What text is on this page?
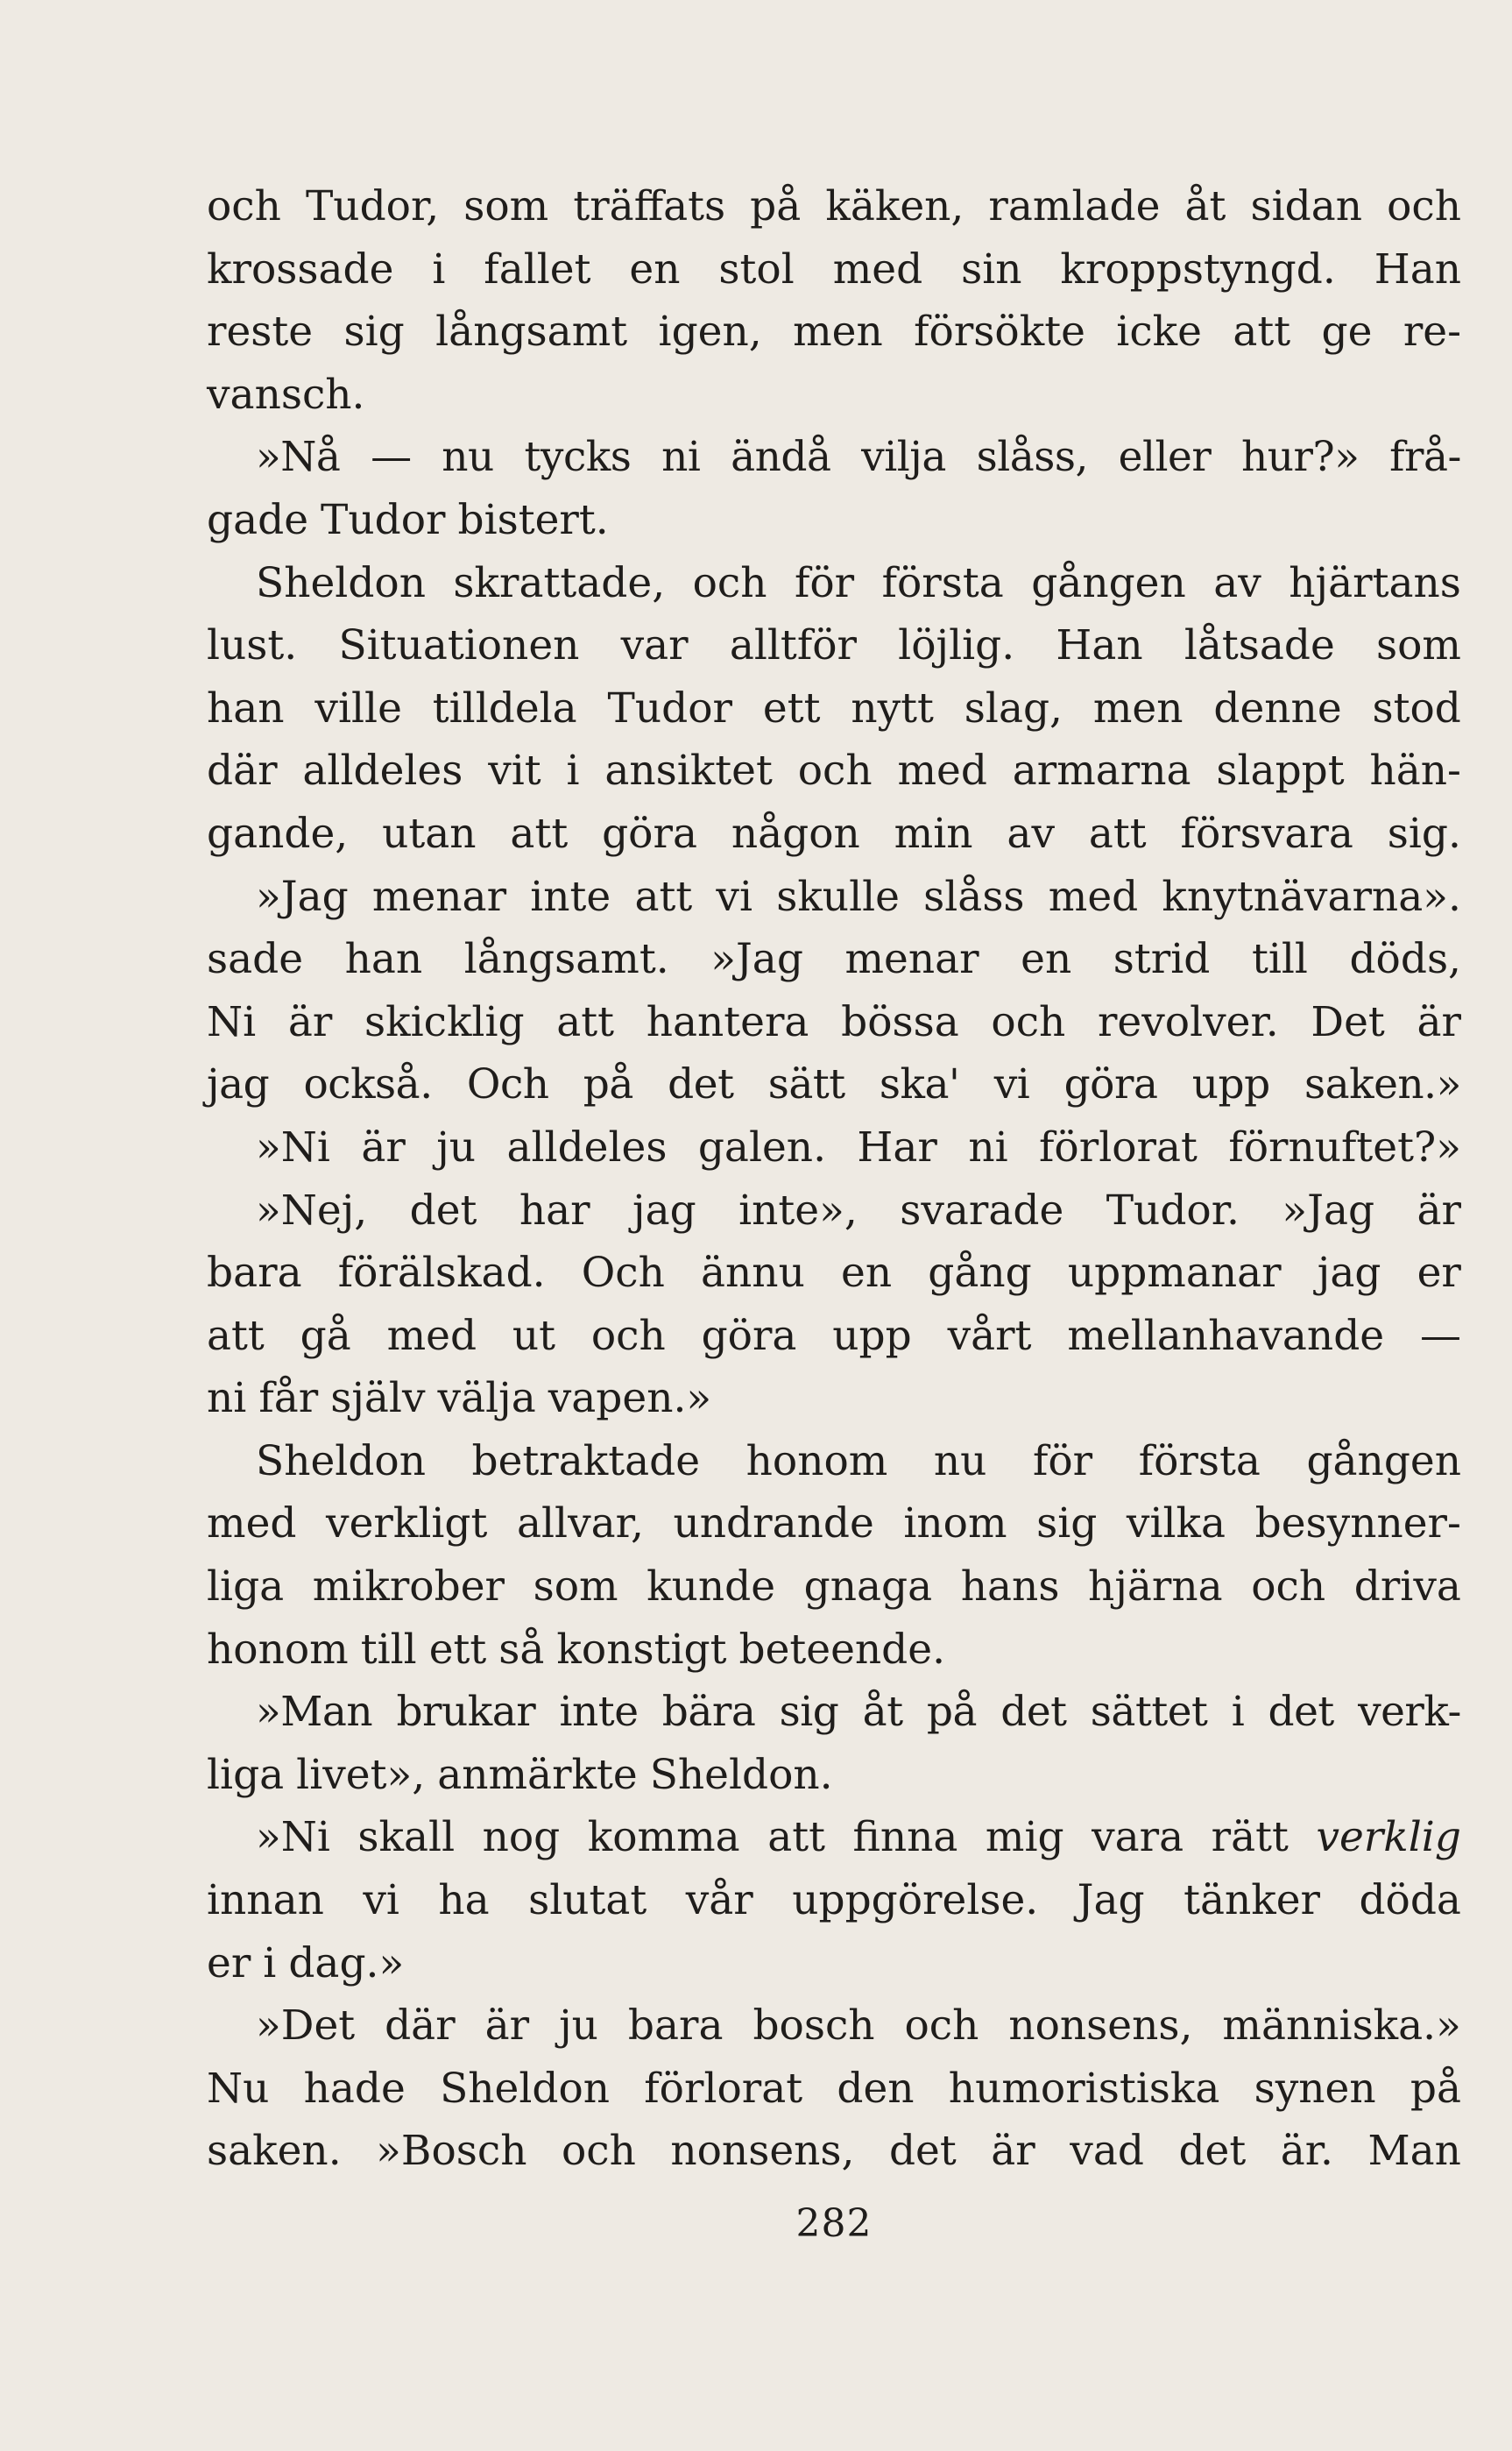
och Tudor, som träffats på käken, ramlade åt sidan och
krossade i fallet en stol med sin kroppstyngd. Han
reste sig långsamt igen, men försökte icke att ge re-
vansch.
»Nå — nu tycks ni ändå vilja slåss, eller hur?» frå-
gade Tudor bistert.
Sheldon skrattade, och för första gången av hjärtans
lust. Situationen var alltför löjlig. Han låtsade som
han ville tilldela Tudor ett nytt slag, men denne stod
där alldeles vit i ansiktet och med armarna slappt hän-
gande, utan att göra någon min av att försvara sig.
»Jag menar inte att vi skulle slåss med knytnävarna».
sade han långsamt. »Jag menar en strid till döds,
Ni är skicklig att hantera bössa och revolver. Det är
jag också. Och på det sätt ska' vi göra upp saken.»
»Ni är ju alldeles galen. Har ni förlorat förnuftet?»
»Nej, det har jag inte», svarade Tudor. »Jag är
bara förälskad. Och ännu en gång uppmanar jag er
att gå med ut och göra upp vårt mellanhavande —
ni får själv välja vapen.»
Sheldon betraktade honom nu för första gången
med verkligt allvar, undrande inom sig vilka besynner-
liga mikrober som kunde gnaga hans hjärna och driva
honom till ett så konstigt beteende.
»Man brukar inte bära sig åt på det sättet i det verk-
liga livet», anmärkte Sheldon.
»Ni skall nog komma att finna mig vara rätt verklig
innan vi ha slutat vår uppgörelse. Jag tänker döda
er i dag.»
»Det där är ju bara bosch och nonsens, människa.»
Nu hade Sheldon förlorat den humoristiska synen på
saken. »Bosch och nonsens, det är vad det är. Man
282
